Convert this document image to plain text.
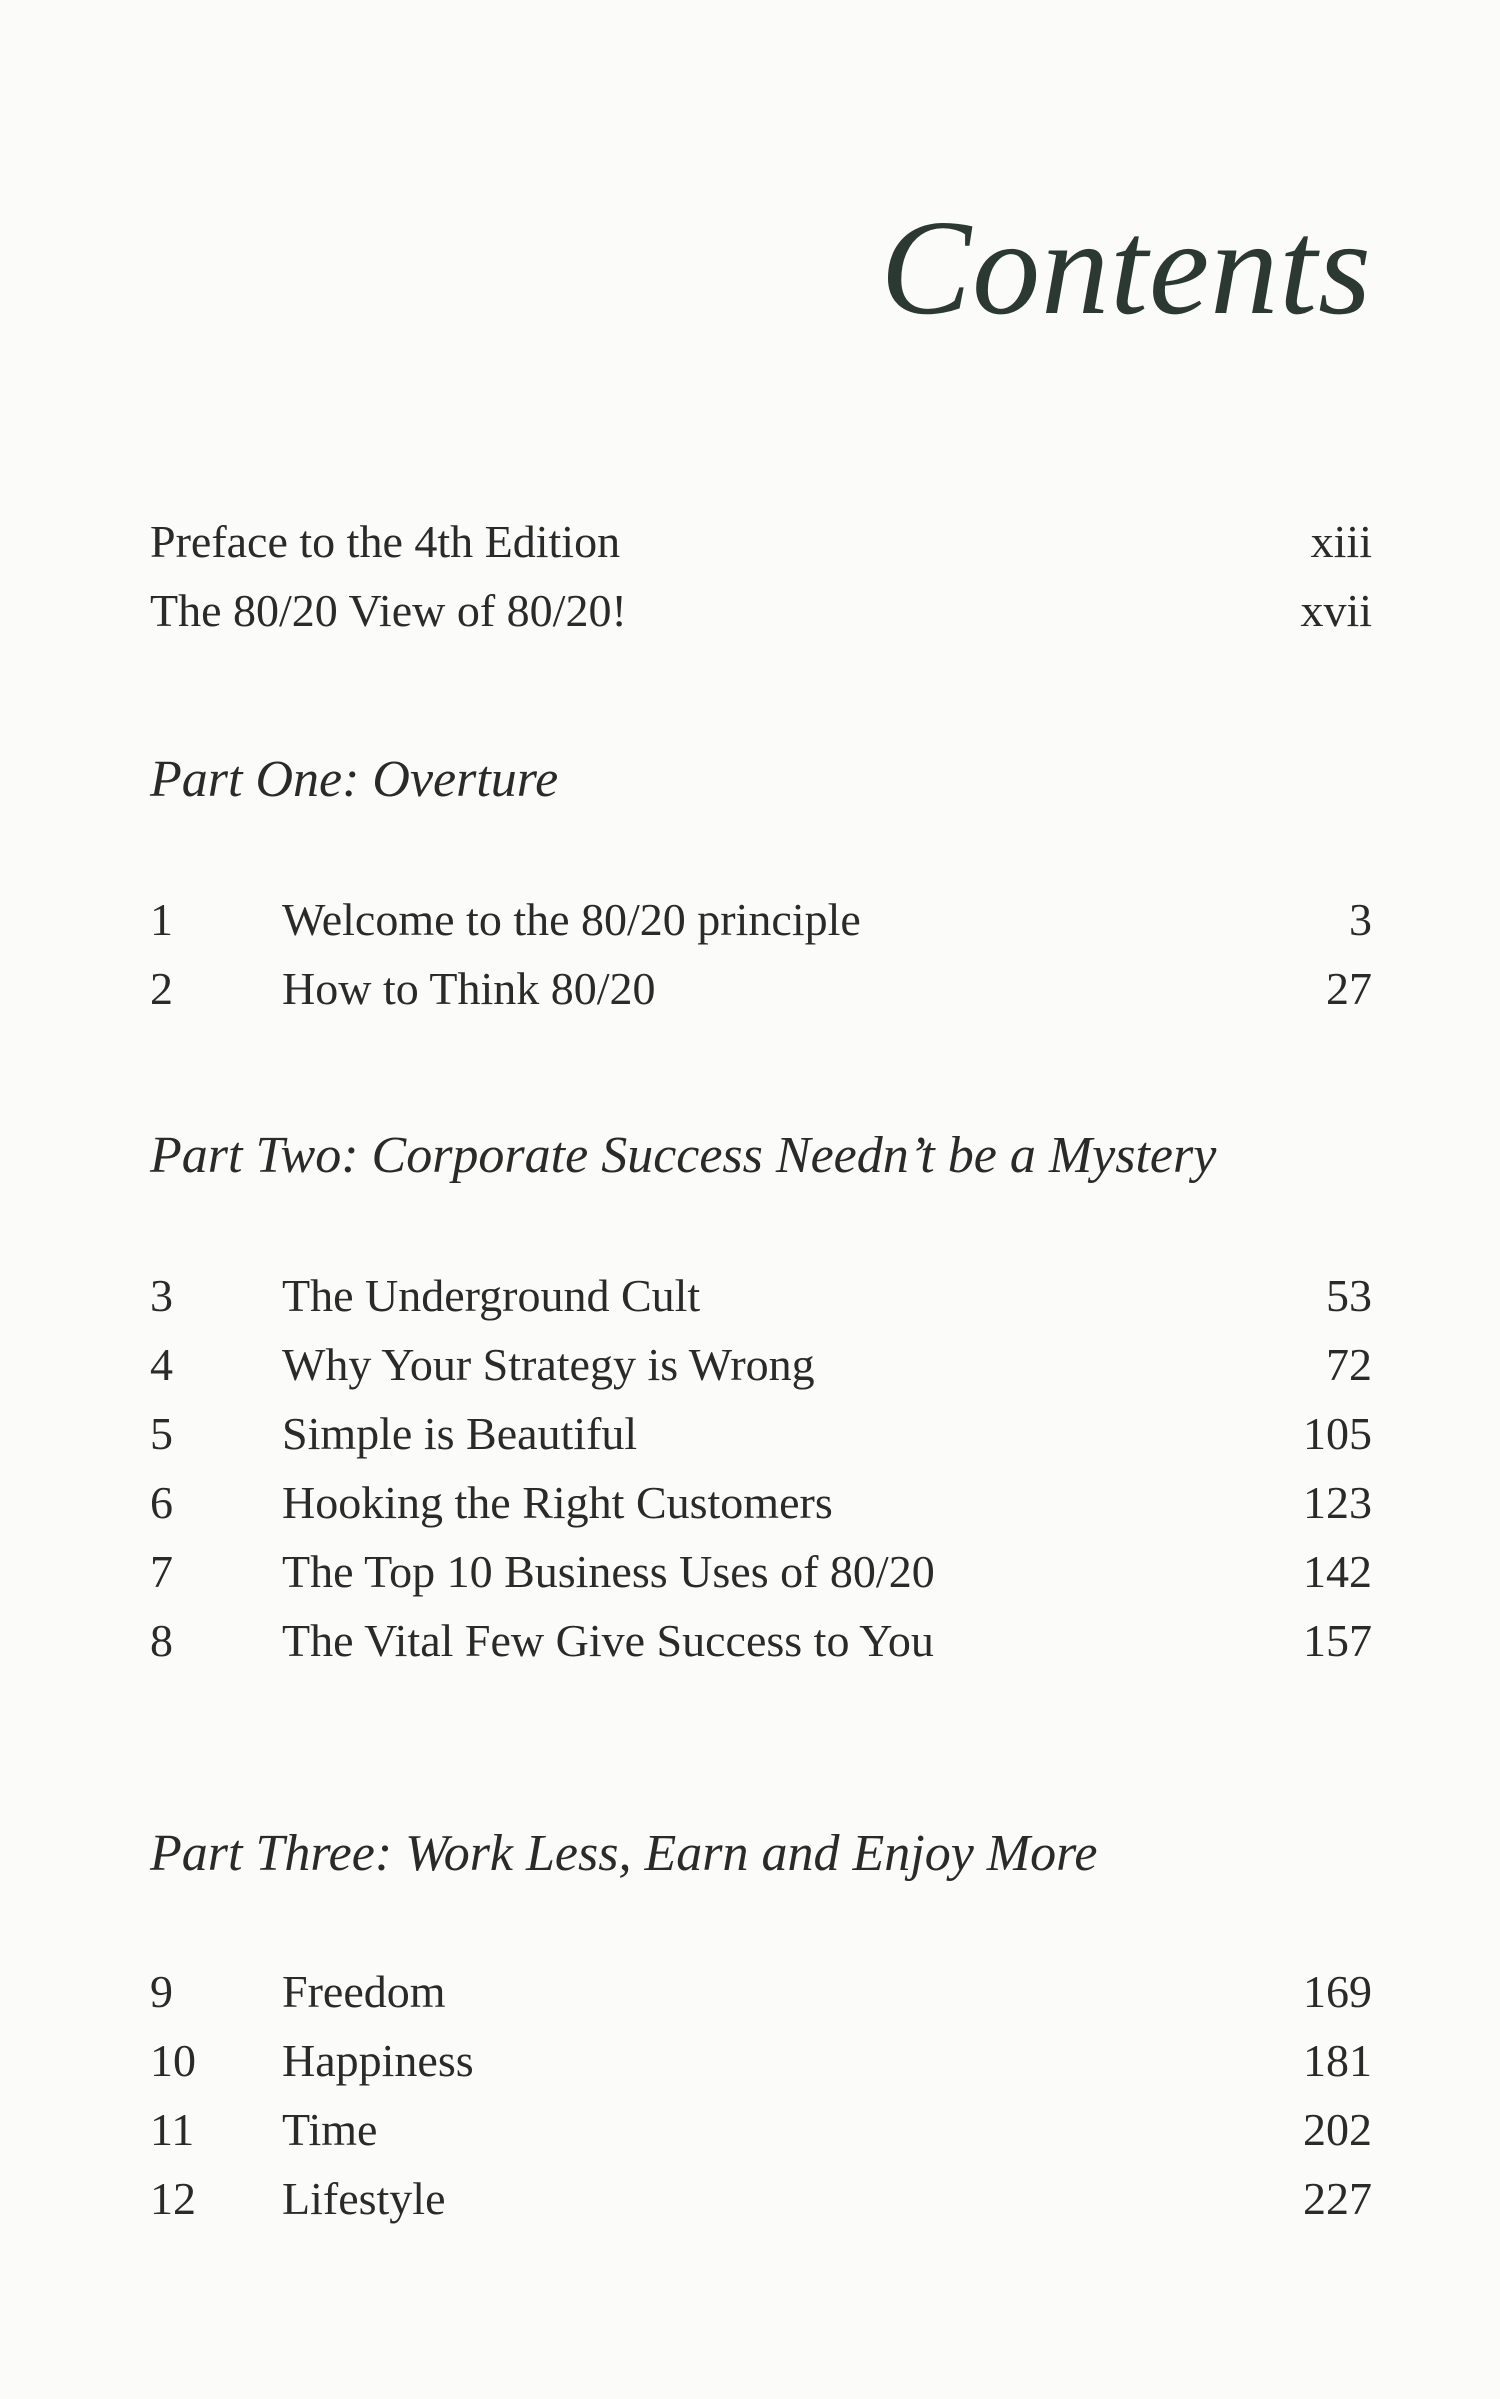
Contents
Preface to the 4th Edition	xiii
The 80/20 View of 80/20!	xvii
Part One: Overture
1 Welcome to the 80/20 principle	3
2 How to Think 80/20	27
Part Two: Corporate Success Needn’t be a Mystery
3 The Underground Cult	53
4 Why Your Strategy is Wrong	72
5 Simple is Beautiful	105
6 Hooking the Right Customers	123
7 The Top 10 Business Uses of 80/20	142
8 The Vital Few Give Success to You	157
Part Three: Work Less, Earn and Enjoy More
9 Freedom	169
10 Happiness	181
11 Time	202
12 Lifestyle	227
